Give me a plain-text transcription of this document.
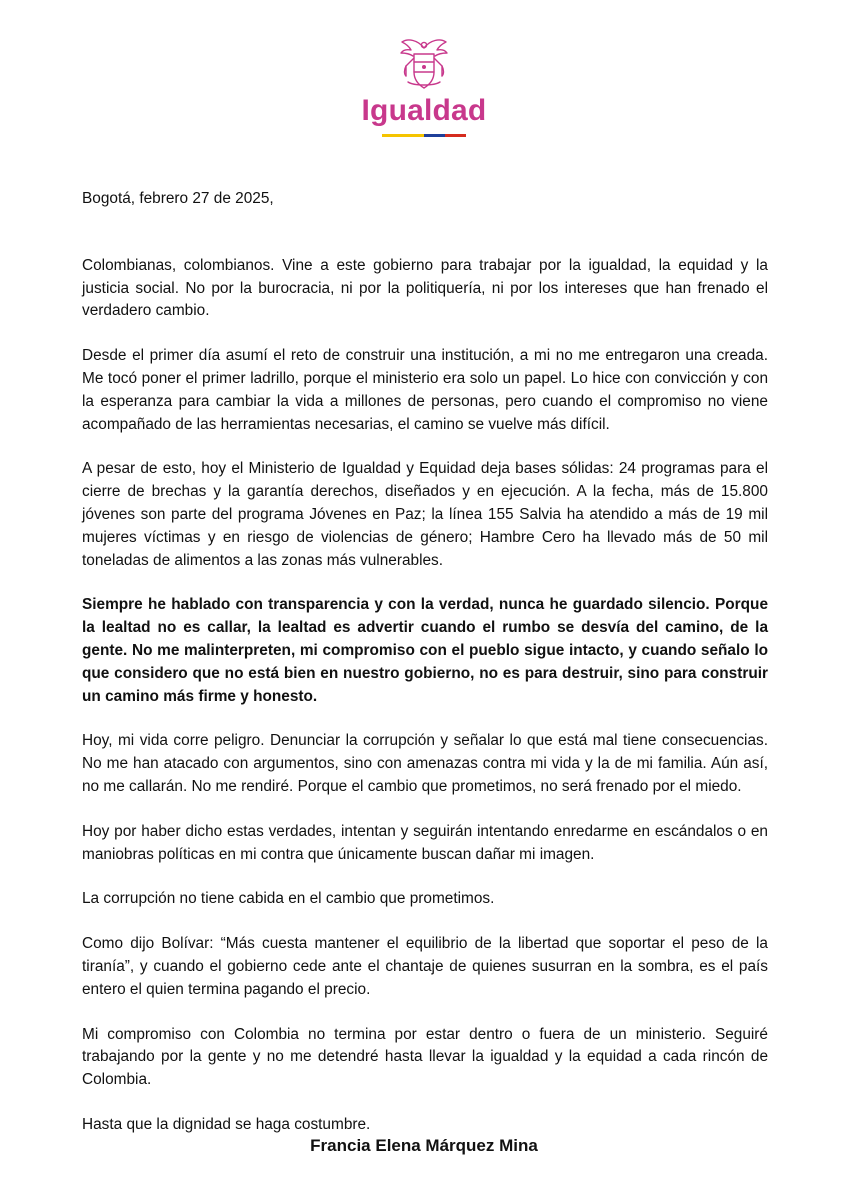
Igualdad

Bogotá, febrero 27 de 2025,

Colombianas, colombianos. Vine a este gobierno para trabajar por la igualdad, la equidad y la justicia social. No por la burocracia, ni por la politiquería, ni por los intereses que han frenado el verdadero cambio.

Desde el primer día asumí el reto de construir una institución, a mi no me entregaron una creada. Me tocó poner el primer ladrillo, porque el ministerio era solo un papel. Lo hice con convicción y con la esperanza para cambiar la vida a millones de personas, pero cuando el compromiso no viene acompañado de las herramientas necesarias, el camino se vuelve más difícil.

A pesar de esto, hoy el Ministerio de Igualdad y Equidad deja bases sólidas: 24 programas para el cierre de brechas y la garantía derechos, diseñados y en ejecución. A la fecha, más de 15.800 jóvenes son parte del programa Jóvenes en Paz; la línea 155 Salvia ha atendido a más de 19 mil mujeres víctimas y en riesgo de violencias de género; Hambre Cero ha llevado más de 50 mil toneladas de alimentos a las zonas más vulnerables.

Siempre he hablado con transparencia y con la verdad, nunca he guardado silencio. Porque la lealtad no es callar, la lealtad es advertir cuando el rumbo se desvía del camino, de la gente. No me malinterpreten, mi compromiso con el pueblo sigue intacto, y cuando señalo lo que considero que no está bien en nuestro gobierno, no es para destruir, sino para construir un camino más firme y honesto.

Hoy, mi vida corre peligro. Denunciar la corrupción y señalar lo que está mal tiene consecuencias. No me han atacado con argumentos, sino con amenazas contra mi vida y la de mi familia. Aún así, no me callarán. No me rendiré. Porque el cambio que prometimos, no será frenado por el miedo.

Hoy por haber dicho estas verdades, intentan y seguirán intentando enredarme en escándalos o en maniobras políticas en mi contra que únicamente buscan dañar mi imagen.

La corrupción no tiene cabida en el cambio que prometimos.

Como dijo Bolívar: “Más cuesta mantener el equilibrio de la libertad que soportar el peso de la tiranía”, y cuando el gobierno cede ante el chantaje de quienes susurran en la sombra, es el país entero el quien termina pagando el precio.

Mi compromiso con Colombia no termina por estar dentro o fuera de un ministerio. Seguiré trabajando por la gente y no me detendré hasta llevar la igualdad y la equidad a cada rincón de Colombia.

Hasta que la dignidad se haga costumbre.

Francia Elena Márquez Mina
